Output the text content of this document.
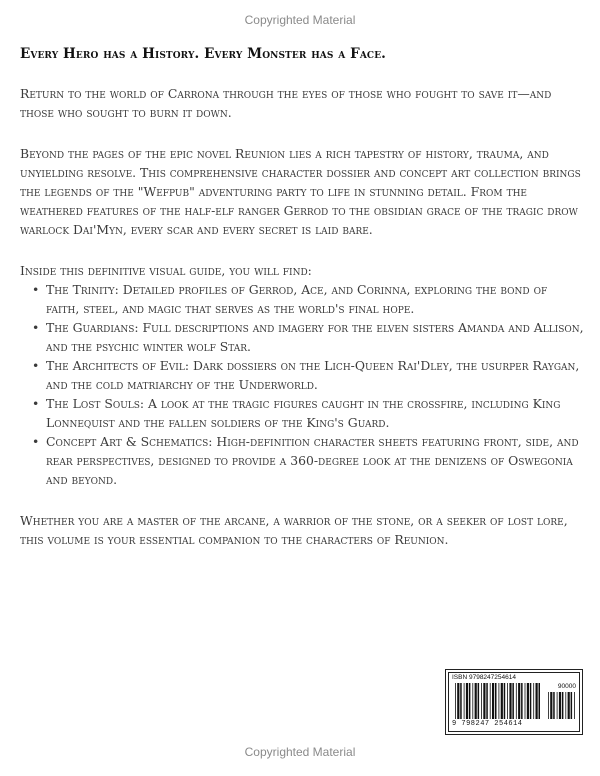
Copyrighted Material
Every Hero has a History. Every Monster has a Face.

Return to the world of Carrona through the eyes of those who fought to save it—and those who sought to burn it down.

Beyond the pages of the epic novel Reunion lies a rich tapestry of history, trauma, and unyielding resolve. This comprehensive character dossier and concept art collection brings the legends of the "Wefpub" adventuring party to life in stunning detail. From the weathered features of the half-elf ranger Gerrod to the obsidian grace of the tragic drow warlock Dai'Myn, every scar and every secret is laid bare.

Inside this definitive visual guide, you will find:

• The Trinity: Detailed profiles of Gerrod, Ace, and Corinna, exploring the bond of faith, steel, and magic that serves as the world's final hope.
• The Guardians: Full descriptions and imagery for the elven sisters Amanda and Allison, and the psychic winter wolf Star.
• The Architects of Evil: Dark dossiers on the Lich-Queen Rai'Dley, the usurper Raygan, and the cold matriarchy of the Underworld.
• The Lost Souls: A look at the tragic figures caught in the crossfire, including King Lonnequist and the fallen soldiers of the King's Guard.
• Concept Art & Schematics: High-definition character sheets featuring front, side, and rear perspectives, designed to provide a 360-degree look at the denizens of Oswegonia and beyond.

Whether you are a master of the arcane, a warrior of the stone, or a seeker of lost lore, this volume is your essential companion to the characters of Reunion.

ISBN 9798247254614
90000
9 798247 254614
Copyrighted Material
